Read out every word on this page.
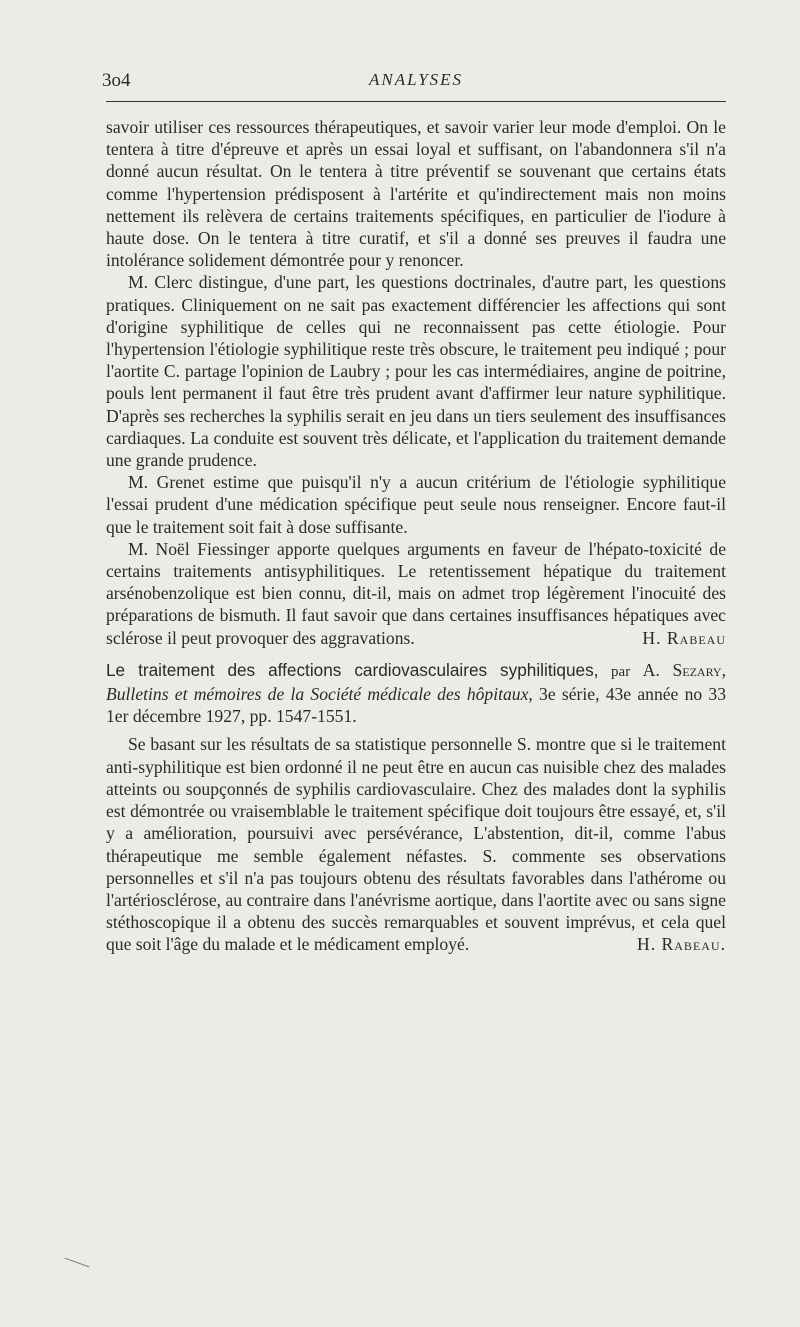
3o4	ANALYSES

savoir utiliser ces ressources thérapeutiques, et savoir varier leur mode d'emploi. On le tentera à titre d'épreuve et après un essai loyal et suffisant, on l'abandonnera s'il n'a donné aucun résultat. On le tentera à titre préventif se souvenant que certains états comme l'hypertension prédisposent à l'artérite et qu'indirectement mais non moins nettement ils relèvera de certains traitements spécifiques, en particulier de l'iodure à haute dose. On le tentera à titre curatif, et s'il a donné ses preuves il faudra une intolérance solidement démontrée pour y renoncer.

M. Clerc distingue, d'une part, les questions doctrinales, d'autre part, les questions pratiques. Cliniquement on ne sait pas exactement différencier les affections qui sont d'origine syphilitique de celles qui ne reconnaissent pas cette étiologie. Pour l'hypertension l'étiologie syphilitique reste très obscure, le traitement peu indiqué ; pour l'aortite C. partage l'opinion de Laubry ; pour les cas intermédiaires, angine de poitrine, pouls lent permanent il faut être très prudent avant d'affirmer leur nature syphilitique. D'après ses recherches la syphilis serait en jeu dans un tiers seulement des insuffisances cardiaques. La conduite est souvent très délicate, et l'application du traitement demande une grande prudence.

M. Grenet estime que puisqu'il n'y a aucun critérium de l'étiologie syphilitique l'essai prudent d'une médication spécifique peut seule nous renseigner. Encore faut-il que le traitement soit fait à dose suffisante.

M. Noël Fiessinger apporte quelques arguments en faveur de l'hépato-toxicité de certains traitements antisyphilitiques. Le retentissement hépatique du traitement arsénobenzolique est bien connu, dit-il, mais on admet trop légèrement l'inocuité des préparations de bismuth. Il faut savoir que dans certaines insuffisances hépatiques avec sclérose il peut provoquer des aggravations.	H. Rabeau

Le traitement des affections cardiovasculaires syphilitiques, par A. Sezary, Bulletins et mémoires de la Société médicale des hôpitaux, 3e série, 43e année no 33 1er décembre 1927, pp. 1547-1551.

Se basant sur les résultats de sa statistique personnelle S. montre que si le traitement anti-syphilitique est bien ordonné il ne peut être en aucun cas nuisible chez des malades atteints ou soupçonnés de syphilis cardiovasculaire. Chez des malades dont la syphilis est démontrée ou vraisemblable le traitement spécifique doit toujours être essayé, et, s'il y a amélioration, poursuivi avec persévérance, L'abstention, dit-il, comme l'abus thérapeutique me semble également néfastes. S. commente ses observations personnelles et s'il n'a pas toujours obtenu des résultats favorables dans l'athérome ou l'artériosclérose, au contraire dans l'anévrisme aortique, dans l'aortite avec ou sans signe stéthoscopique il a obtenu des succès remarquables et souvent imprévus, et cela quel que soit l'âge du malade et le médicament employé.	H. Rabeau.
